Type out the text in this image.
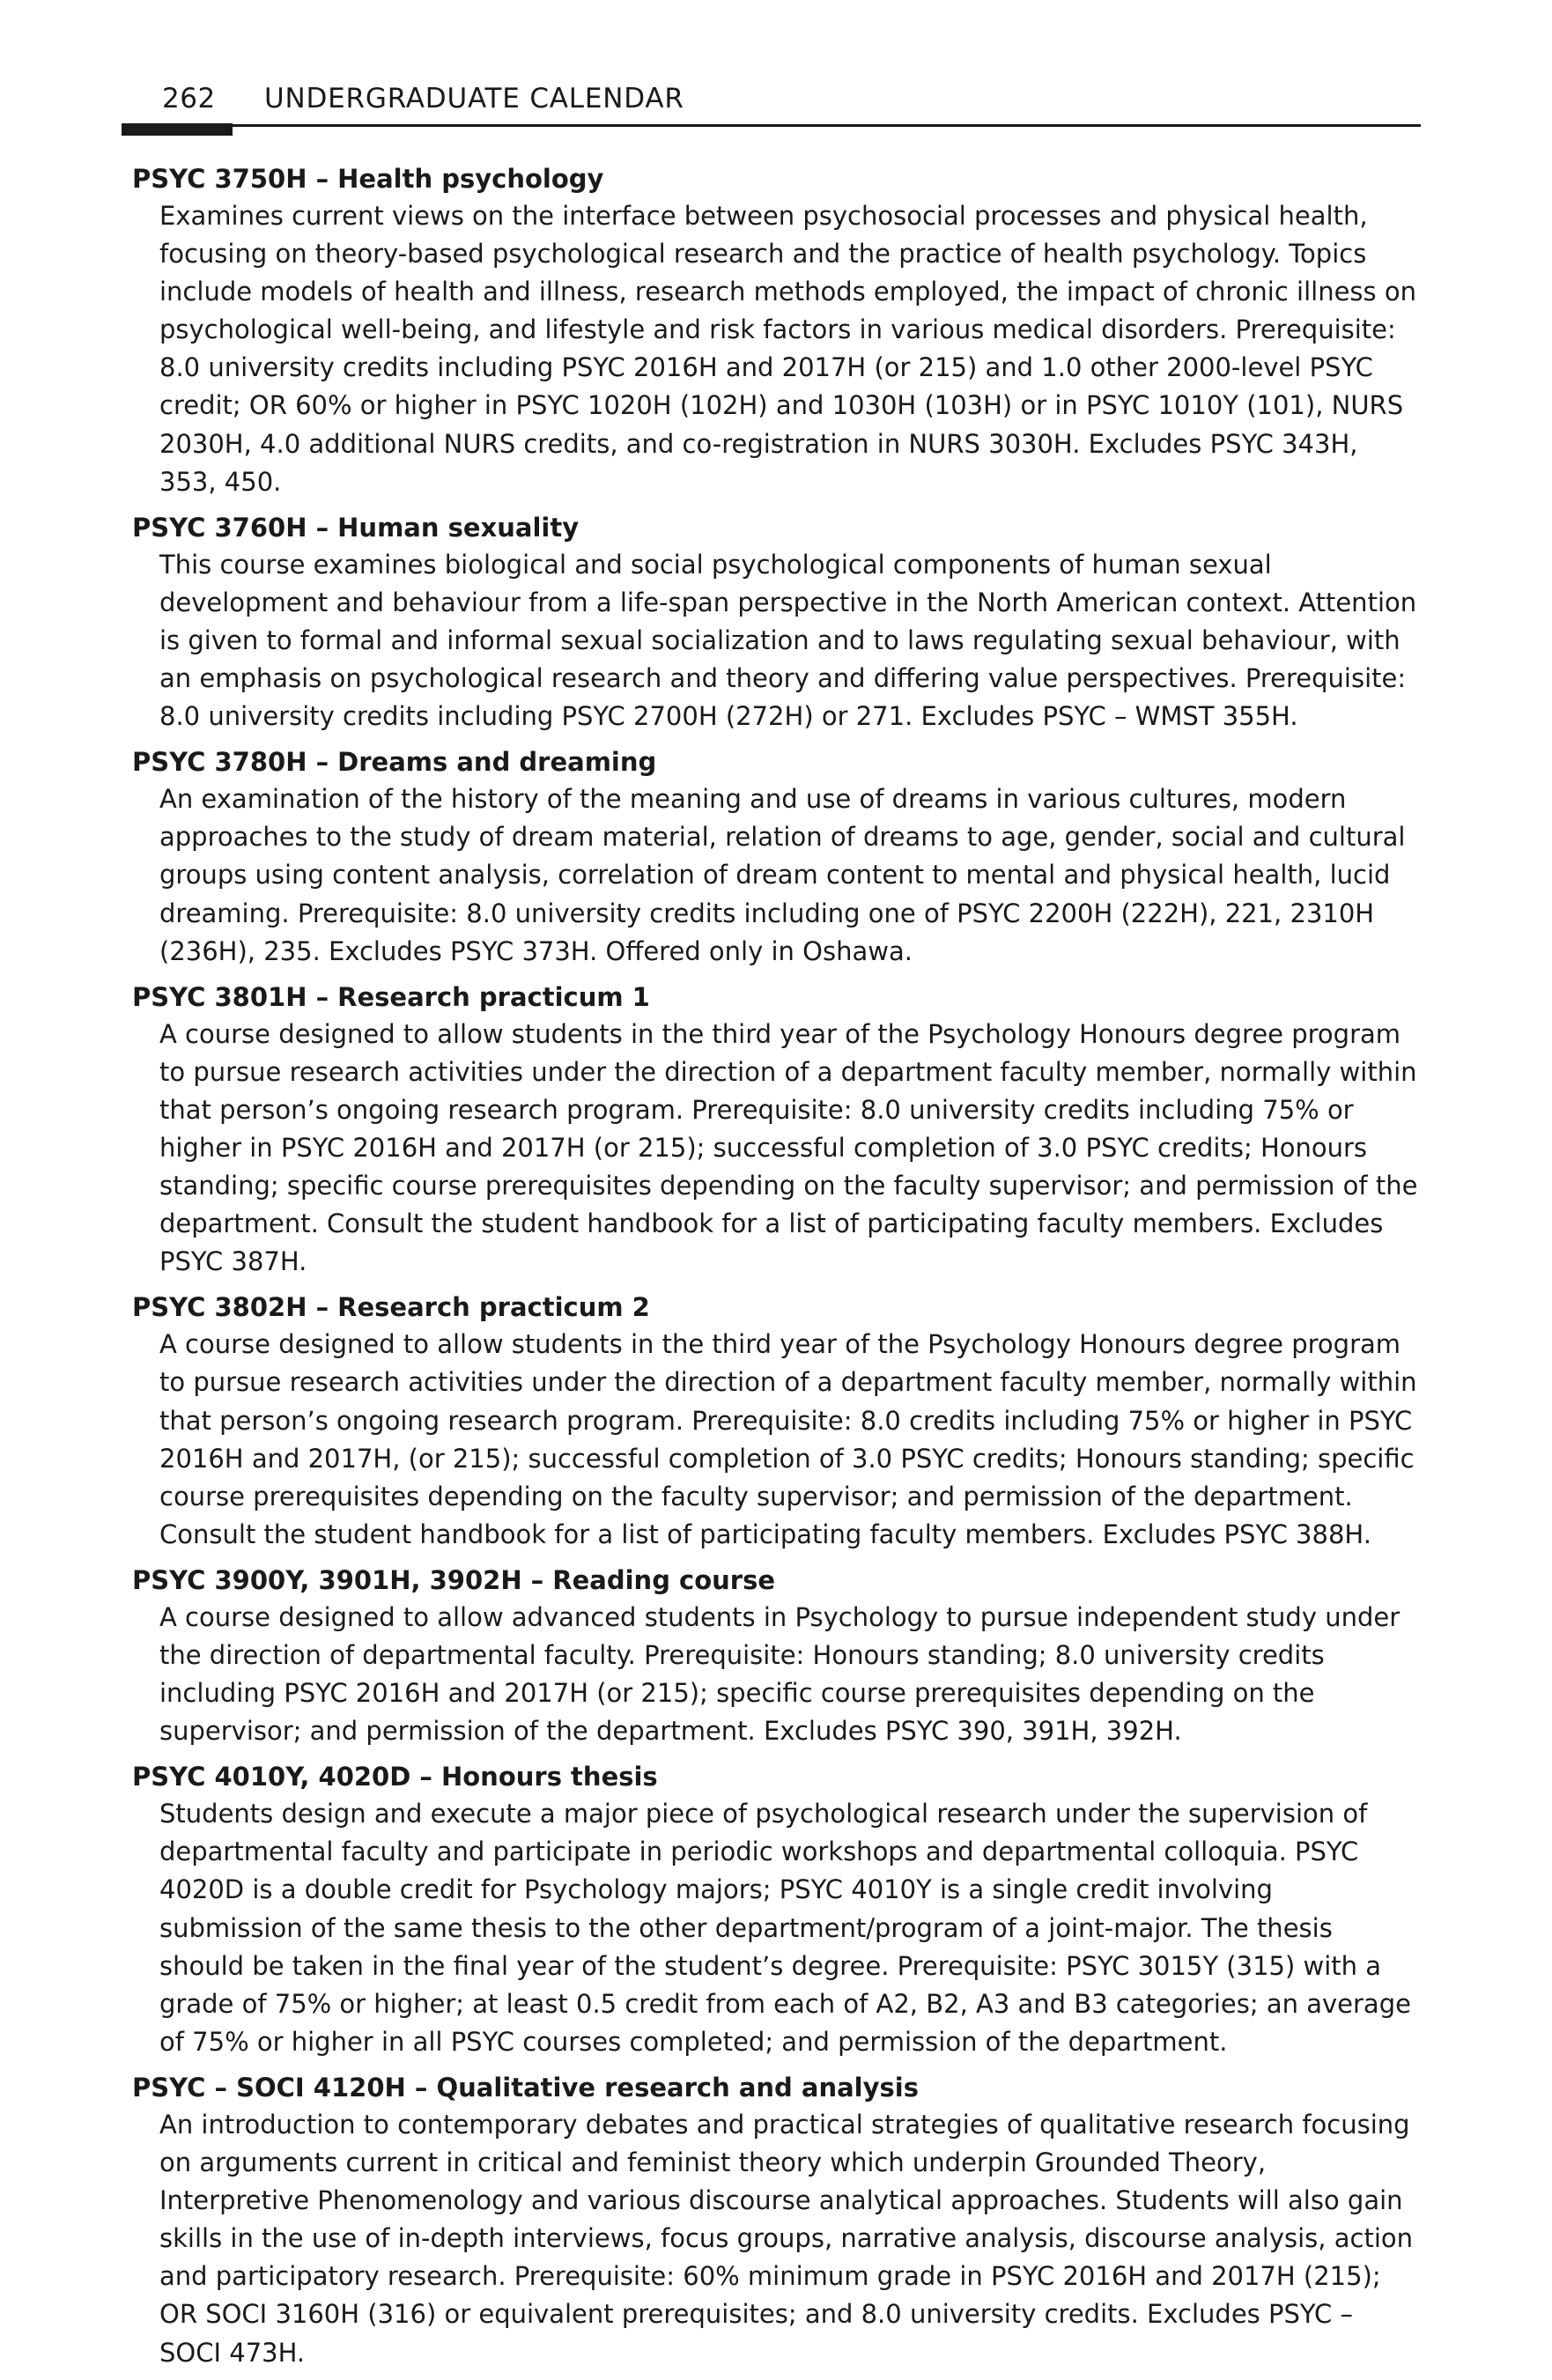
262 UNDERGRADUATE CALENDAR

PSYC 3750H – Health psychology

Examines current views on the interface between psychosocial processes and physical health, focusing on theory-based psychological research and the practice of health psychology. Topics include models of health and illness, research methods employed, the impact of chronic illness on psychological well-being, and lifestyle and risk factors in various medical disorders. Prerequisite: 8.0 university credits including PSYC 2016H and 2017H (or 215) and 1.0 other 2000-level PSYC credit; OR 60% or higher in PSYC 1020H (102H) and 1030H (103H) or in PSYC 1010Y (101), NURS 2030H, 4.0 additional NURS credits, and co-registration in NURS 3030H. Excludes PSYC 343H, 353, 450.

PSYC 3760H – Human sexuality

This course examines biological and social psychological components of human sexual development and behaviour from a life-span perspective in the North American context. Attention is given to formal and informal sexual socialization and to laws regulating sexual behaviour, with an emphasis on psychological research and theory and differing value perspectives. Prerequisite: 8.0 university credits including PSYC 2700H (272H) or 271. Excludes PSYC – WMST 355H.

PSYC 3780H – Dreams and dreaming

An examination of the history of the meaning and use of dreams in various cultures, modern approaches to the study of dream material, relation of dreams to age, gender, social and cultural groups using content analysis, correlation of dream content to mental and physical health, lucid dreaming. Prerequisite: 8.0 university credits including one of PSYC 2200H (222H), 221, 2310H (236H), 235. Excludes PSYC 373H. Offered only in Oshawa.

PSYC 3801H – Research practicum 1

A course designed to allow students in the third year of the Psychology Honours degree program to pursue research activities under the direction of a department faculty member, normally within that person’s ongoing research program. Prerequisite: 8.0 university credits including 75% or higher in PSYC 2016H and 2017H (or 215); successful completion of 3.0 PSYC credits; Honours standing; specific course prerequisites depending on the faculty supervisor; and permission of the department. Consult the student handbook for a list of participating faculty members. Excludes PSYC 387H.

PSYC 3802H – Research practicum 2

A course designed to allow students in the third year of the Psychology Honours degree program to pursue research activities under the direction of a department faculty member, normally within that person’s ongoing research program. Prerequisite: 8.0 credits including 75% or higher in PSYC 2016H and 2017H, (or 215); successful completion of 3.0 PSYC credits; Honours standing; specific course prerequisites depending on the faculty supervisor; and permission of the department. Consult the student handbook for a list of participating faculty members. Excludes PSYC 388H.

PSYC 3900Y, 3901H, 3902H – Reading course

A course designed to allow advanced students in Psychology to pursue independent study under the direction of departmental faculty. Prerequisite: Honours standing; 8.0 university credits including PSYC 2016H and 2017H (or 215); specific course prerequisites depending on the supervisor; and permission of the department. Excludes PSYC 390, 391H, 392H.

PSYC 4010Y, 4020D – Honours thesis

Students design and execute a major piece of psychological research under the supervision of departmental faculty and participate in periodic workshops and departmental colloquia. PSYC 4020D is a double credit for Psychology majors; PSYC 4010Y is a single credit involving submission of the same thesis to the other department/program of a joint-major. The thesis should be taken in the final year of the student’s degree. Prerequisite: PSYC 3015Y (315) with a grade of 75% or higher; at least 0.5 credit from each of A2, B2, A3 and B3 categories; an average of 75% or higher in all PSYC courses completed; and permission of the department.

PSYC – SOCI 4120H – Qualitative research and analysis

An introduction to contemporary debates and practical strategies of qualitative research focusing on arguments current in critical and feminist theory which underpin Grounded Theory, Interpretive Phenomenology and various discourse analytical approaches. Students will also gain skills in the use of in-depth interviews, focus groups, narrative analysis, discourse analysis, action and participatory research. Prerequisite: 60% minimum grade in PSYC 2016H and 2017H (215); OR SOCI 3160H (316) or equivalent prerequisites; and 8.0 university credits. Excludes PSYC – SOCI 473H.
